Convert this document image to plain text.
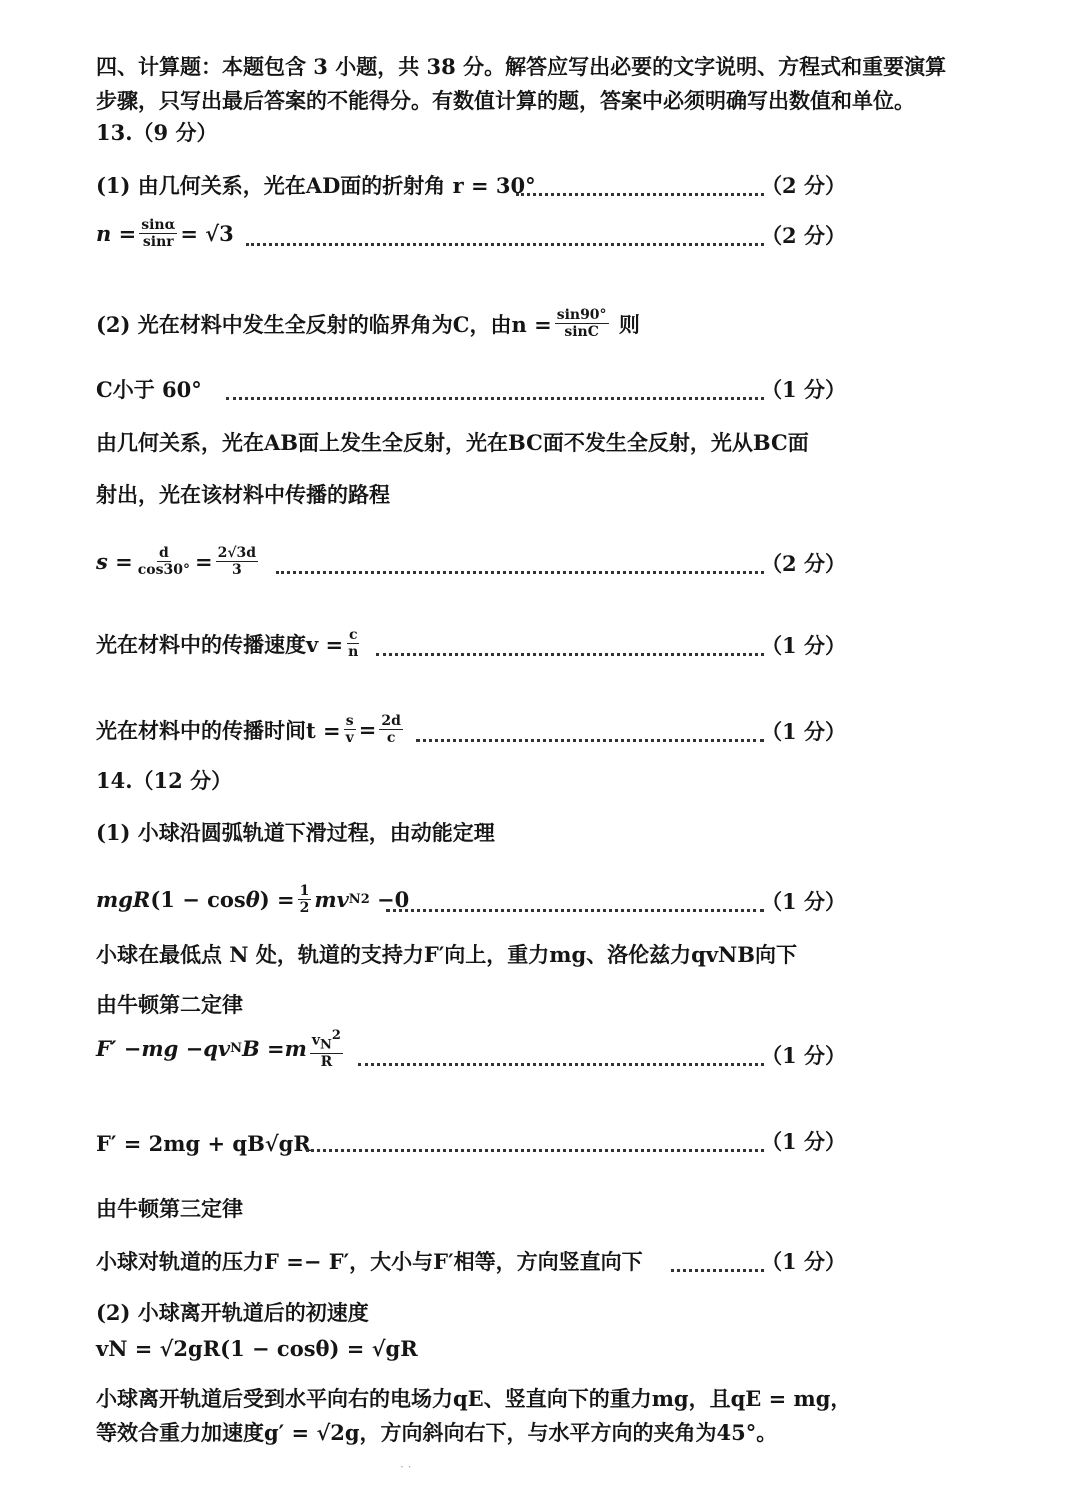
四、计算题：本题包含 3 小题，共 38 分。解答应写出必要的文字说明、方程式和重要演算
步骤，只写出最后答案的不能得分。有数值计算的题，答案中必须明确写出数值和单位。
13.（9 分）
(1) 由几何关系，光在AD面的折射角 r = 30°	（2 分）
$n = \frac{\sin\alpha}{\sin r} = √3$	（2 分）
(2) 光在材料中发生全反射的临界角为C，由$n = \frac{\sin 90^\circ}{\sin C}$
则
C小于 60°	（1 分）
由几何关系，光在AB面上发生全反射，光在BC面不发生全反射，光从BC面
射出，光在该材料中传播的路程
$s = \frac{d}{\cos 30^\circ} = \frac{2√3d}{3}$	（2 分）
光在材料中的传播速度$v = \frac{c}{n}$	（1 分）
光在材料中的传播时间$t = \frac{s}{v} = \frac{2d}{c}$	（1 分）
14.（12 分）
(1) 小球沿圆弧轨道下滑过程，由动能定理
mgR (1 − cos θ ) = $\frac{1}{2}$ mv N 2 −0	（1 分）
小球在最低点 N 处，轨道的支持力F′向上，重力mg、洛伦兹力qvNB向下
由牛顿第二定律
F′ − mg − qv N B = m $\frac{v_N^2}{R}$	（1 分）
F′ = 2mg + qB√gR	（1 分）
由牛顿第三定律
小球对轨道的压力F =− F′，大小与F′相等，方向竖直向下	（1 分）
(2) 小球离开轨道后的初速度
vN = √2gR(1 − cosθ) = √gR
小球离开轨道后受到水平向右的电场力qE、竖直向下的重力mg，且qE = mg，
等效合重力加速度g′ = √2g，方向斜向右下，与水平方向的夹角为45°。
· ·
